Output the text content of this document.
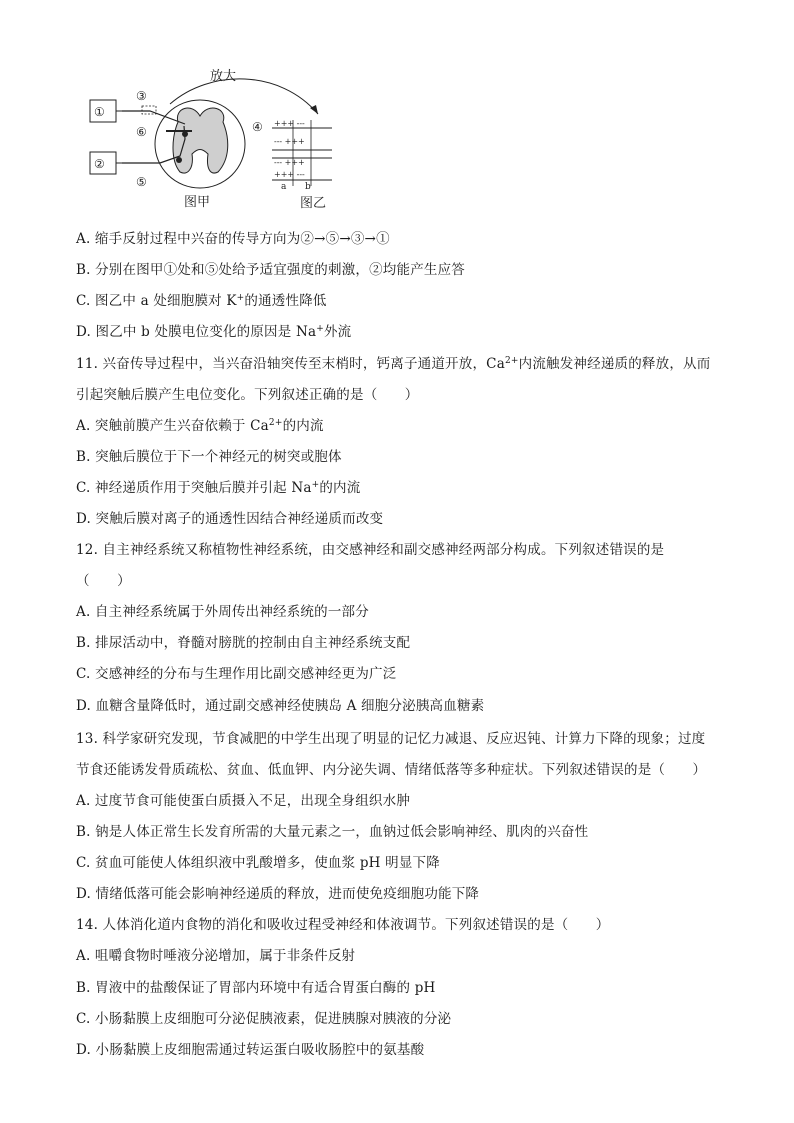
放大
①
②
③
④
⑤
⑥
图甲
+++ ---
--- +++
--- +++
+++ ---
a b
图乙
A. 缩手反射过程中兴奋的传导方向为②→⑤→③→①
B. 分别在图甲①处和⑤处给予适宜强度的刺激，②均能产生应答
C. 图乙中 a 处细胞膜对 K+的通透性降低
D. 图乙中 b 处膜电位变化的原因是 Na+外流
11. 兴奋传导过程中，当兴奋沿轴突传至末梢时，钙离子通道开放，$Ca^{2+}$内流触发神经递质的释放，从而
引起突触后膜产生电位变化。下列叙述正确的是（　　）
A. 突触前膜产生兴奋依赖于 $Ca^{2+}$的内流
B. 突触后膜位于下一个神经元的树突或胞体
C. 神经递质作用于突触后膜并引起 Na+的内流
D. 突触后膜对离子的通透性因结合神经递质而改变
12. 自主神经系统又称植物性神经系统，由交感神经和副交感神经两部分构成。下列叙述错误的是
（　　）
A. 自主神经系统属于外周传出神经系统的一部分
B. 排尿活动中，脊髓对膀胱的控制由自主神经系统支配
C. 交感神经的分布与生理作用比副交感神经更为广泛
D. 血糖含量降低时，通过副交感神经使胰岛 A 细胞分泌胰高血糖素
13. 科学家研究发现，节食减肥的中学生出现了明显的记忆力减退、反应迟钝、计算力下降的现象；过度
节食还能诱发骨质疏松、贫血、低血钾、内分泌失调、情绪低落等多种症状。下列叙述错误的是（　　）
A. 过度节食可能使蛋白质摄入不足，出现全身组织水肿
B. 钠是人体正常生长发育所需的大量元素之一，血钠过低会影响神经、肌肉的兴奋性
C. 贫血可能使人体组织液中乳酸增多，使血浆 pH 明显下降
D. 情绪低落可能会影响神经递质的释放，进而使免疫细胞功能下降
14. 人体消化道内食物的消化和吸收过程受神经和体液调节。下列叙述错误的是（　　）
A. 咀嚼食物时唾液分泌增加，属于非条件反射
B. 胃液中的盐酸保证了胃部内环境中有适合胃蛋白酶的 pH
C. 小肠黏膜上皮细胞可分泌促胰液素，促进胰腺对胰液的分泌
D. 小肠黏膜上皮细胞需通过转运蛋白吸收肠腔中的氨基酸
